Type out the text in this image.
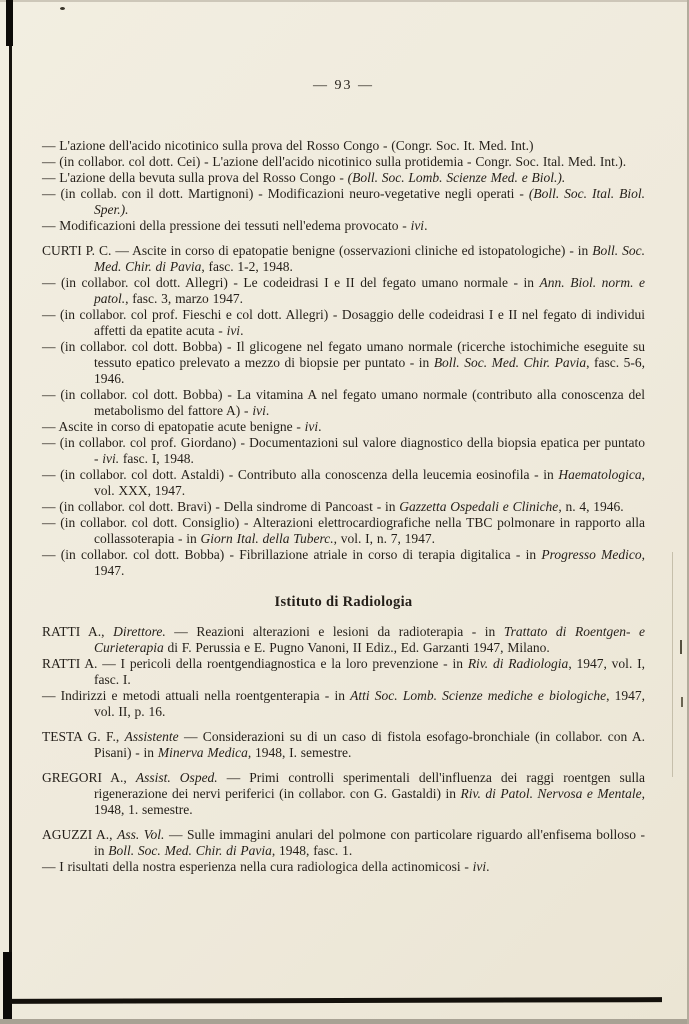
— 93 —

— L'azione dell'acido nicotinico sulla prova del Rosso Congo - (Congr. Soc. It. Med. Int.)

— (in collabor. col dott. Cei) - L'azione dell'acido nicotinico sulla protidemia - Congr. Soc. Ital. Med. Int.).

— L'azione della bevuta sulla prova del Rosso Congo - (Boll. Soc. Lomb. Scienze Med. e Biol.).

— (in collab. con il dott. Martignoni) - Modificazioni neuro-vegetative negli operati - (Boll. Soc. Ital. Biol. Sper.).

— Modificazioni della pressione dei tessuti nell'edema provocato - ivi.

CURTI P. C. — Ascite in corso di epatopatie benigne (osservazioni cliniche ed istopatologiche) - in Boll. Soc. Med. Chir. di Pavia, fasc. 1-2, 1948.

— (in collabor. col dott. Allegri) - Le codeidrasi I e II del fegato umano normale - in Ann. Biol. norm. e patol., fasc. 3, marzo 1947.

— (in collabor. col prof. Fieschi e col dott. Allegri) - Dosaggio delle codeidrasi I e II nel fegato di individui affetti da epatite acuta - ivi.

— (in collabor. col dott. Bobba) - Il glicogene nel fegato umano normale (ricerche istochimiche eseguite su tessuto epatico prelevato a mezzo di biopsie per puntato - in Boll. Soc. Med. Chir. Pavia, fasc. 5-6, 1946.

— (in collabor. col dott. Bobba) - La vitamina A nel fegato umano normale (contributo alla conoscenza del metabolismo del fattore A) - ivi.

— Ascite in corso di epatopatie acute benigne - ivi.

— (in collabor. col prof. Giordano) - Documentazioni sul valore diagnostico della biopsia epatica per puntato - ivi. fasc. I, 1948.

— (in collabor. col dott. Astaldi) - Contributo alla conoscenza della leucemia eosinofila - in Haematologica, vol. XXX, 1947.

— (in collabor. col dott. Bravi) - Della sindrome di Pancoast - in Gazzetta Ospedali e Cliniche, n. 4, 1946.

— (in collabor. col dott. Consiglio) - Alterazioni elettrocardiografiche nella TBC polmonare in rapporto alla collassoterapia - in Giorn Ital. della Tuberc., vol. I, n. 7, 1947.

— (in collabor. col dott. Bobba) - Fibrillazione atriale in corso di terapia digitalica - in Progresso Medico, 1947.

Istituto di Radiologia

RATTI A., Direttore. — Reazioni alterazioni e lesioni da radioterapia - in Trattato di Roentgen- e Curieterapia di F. Perussia e E. Pugno Vanoni, II Ediz., Ed. Garzanti 1947, Milano.

RATTI A. — I pericoli della roentgendiagnostica e la loro prevenzione - in Riv. di Radiologia, 1947, vol. I, fasc. I.

— Indirizzi e metodi attuali nella roentgenterapia - in Atti Soc. Lomb. Scienze mediche e biologiche, 1947, vol. II, p. 16.

TESTA G. F., Assistente — Considerazioni su di un caso di fistola esofago-bronchiale (in collabor. con A. Pisani) - in Minerva Medica, 1948, I. semestre.

GREGORI A., Assist. Osped. — Primi controlli sperimentali dell'influenza dei raggi roentgen sulla rigenerazione dei nervi periferici (in collabor. con G. Gastaldi) in Riv. di Patol. Nervosa e Mentale, 1948, 1. semestre.

AGUZZI A., Ass. Vol. — Sulle immagini anulari del polmone con particolare riguardo all'enfisema bolloso - in Boll. Soc. Med. Chir. di Pavia, 1948, fasc. 1.

— I risultati della nostra esperienza nella cura radiologica della actinomicosi - ivi.
